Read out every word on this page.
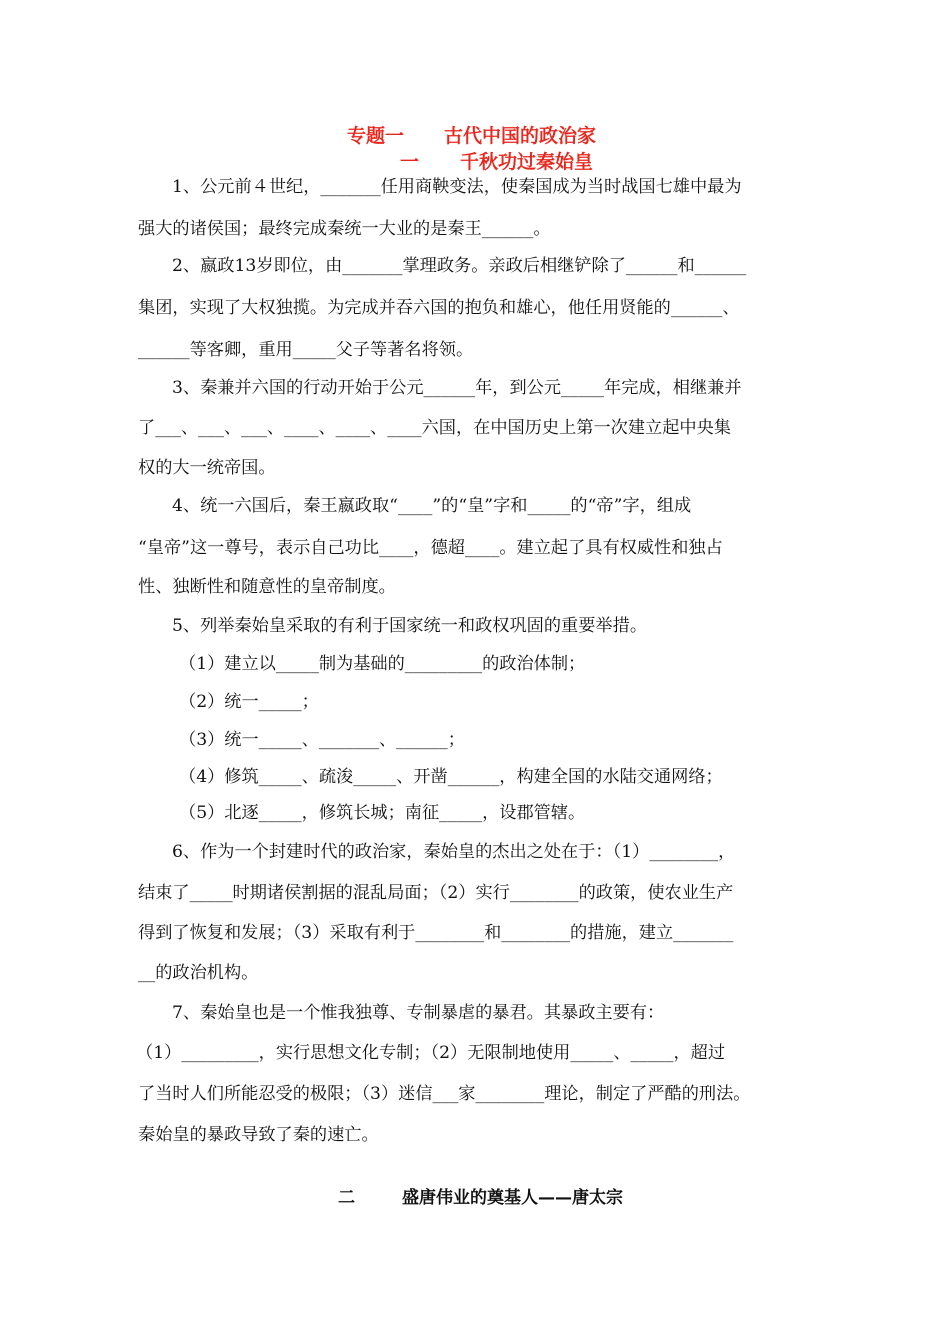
专题一 古代中国的政治家
一 千秋功过秦始皇
1、公元前４世纪，_______任用商鞅变法，使秦国成为当时战国七雄中最为
强大的诸侯国；最终完成秦统一大业的是秦王______。
2、嬴政13岁即位，由_______掌理政务。亲政后相继铲除了______和______
集团，实现了大权独揽。为完成并吞六国的抱负和雄心，他任用贤能的______、
______等客卿，重用_____父子等著名将领。
3、秦兼并六国的行动开始于公元______年，到公元_____年完成，相继兼并
了___、___、___、____、____、____六国，在中国历史上第一次建立起中央集
权的大一统帝国。
4、统一六国后，秦王嬴政取“____”的“皇”字和_____的“帝”字，组成
“皇帝”这一尊号，表示自己功比____，德超____。建立起了具有权威性和独占
性、独断性和随意性的皇帝制度。
5、列举秦始皇采取的有利于国家统一和政权巩固的重要举措。
（1）建立以_____制为基础的_________的政治体制；
（2）统一_____；
（3）统一_____、_______、______；
（4）修筑_____、疏浚_____、开凿______，构建全国的水陆交通网络；
（5）北逐_____，修筑长城；南征_____，设郡管辖。
6、作为一个封建时代的政治家，秦始皇的杰出之处在于：（1）________，
结束了_____时期诸侯割据的混乱局面；（2）实行________的政策，使农业生产
得到了恢复和发展；（3）采取有利于________和________的措施，建立_______
__的政治机构。
7、秦始皇也是一个惟我独尊、专制暴虐的暴君。其暴政主要有：
（1）_________，实行思想文化专制；（2）无限制地使用_____、_____，超过
了当时人们所能忍受的极限；（3）迷信___家________理论，制定了严酷的刑法。
秦始皇的暴政导致了秦的速亡。
二	盛唐伟业的奠基人——唐太宗
